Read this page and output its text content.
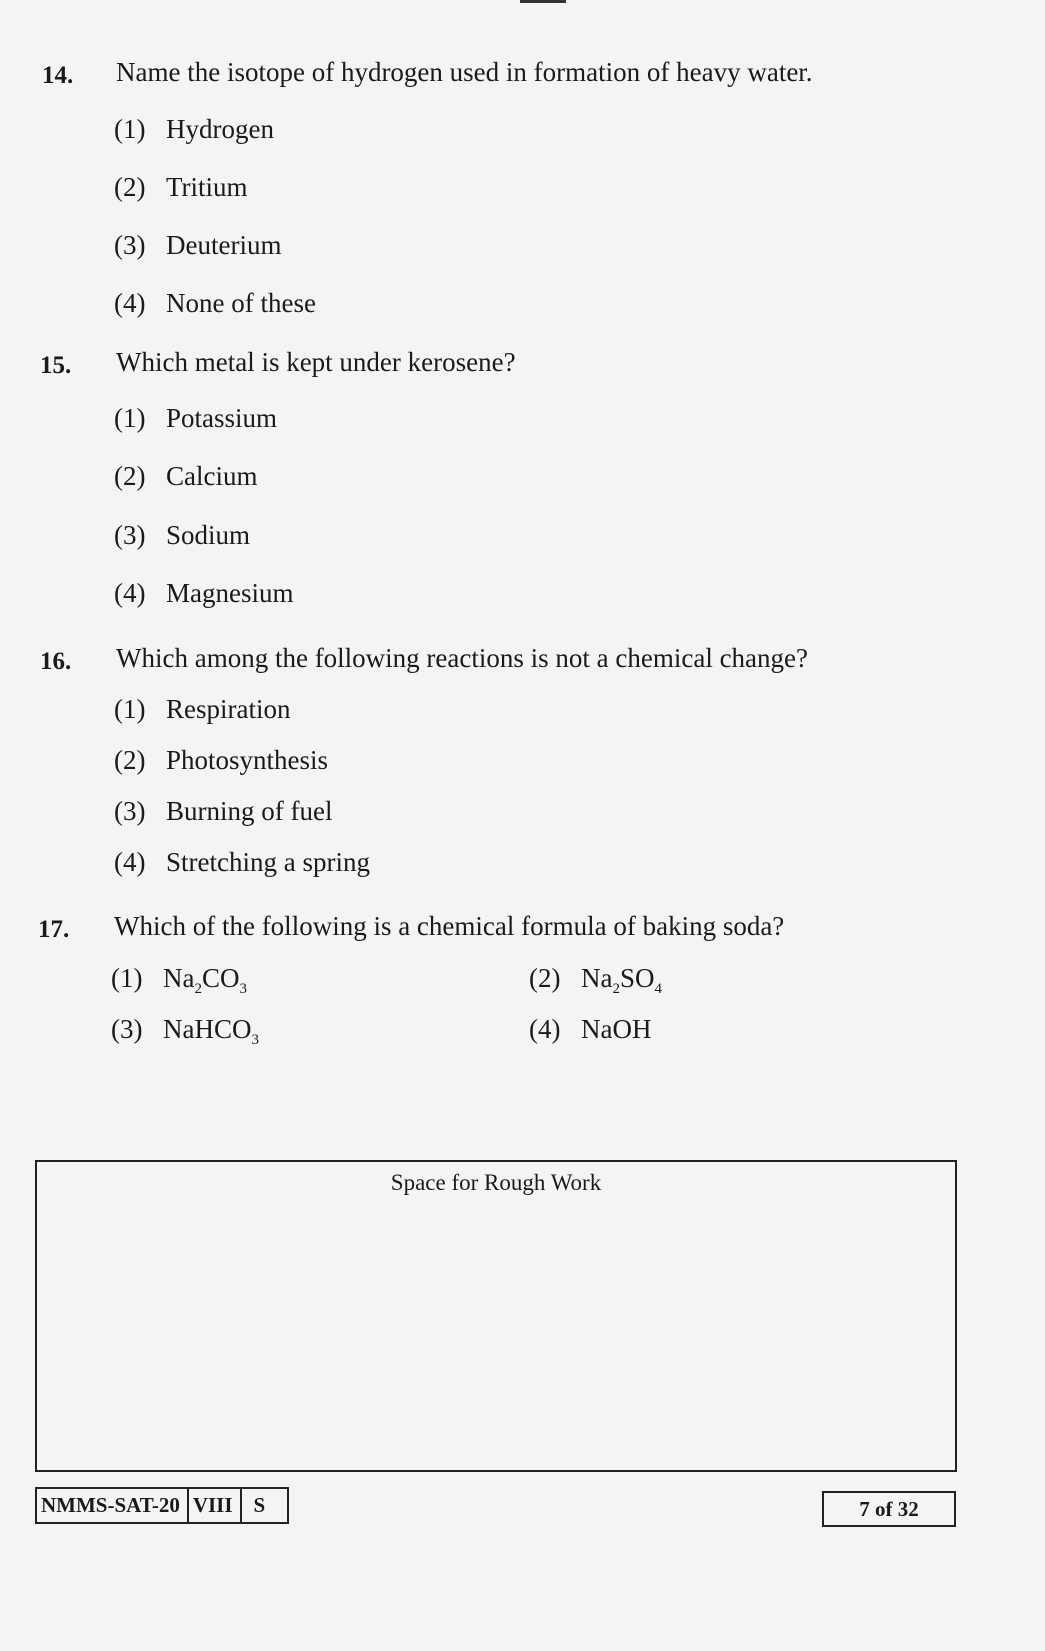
14. Name the isotope of hydrogen used in formation of heavy water.
(1) Hydrogen
(2) Tritium
(3) Deuterium
(4) None of these
15. Which metal is kept under kerosene?
(1) Potassium
(2) Calcium
(3) Sodium
(4) Magnesium
16. Which among the following reactions is not a chemical change?
(1) Respiration
(2) Photosynthesis
(3) Burning of fuel
(4) Stretching a spring
17. Which of the following is a chemical formula of baking soda?
(1) $Na_2CO_3$	(2) $Na_2SO_4$
(3) NaHCO$_3$	(4) NaOH
Space for Rough Work
NMMS-SAT-20 VIII	S	7 of 32
